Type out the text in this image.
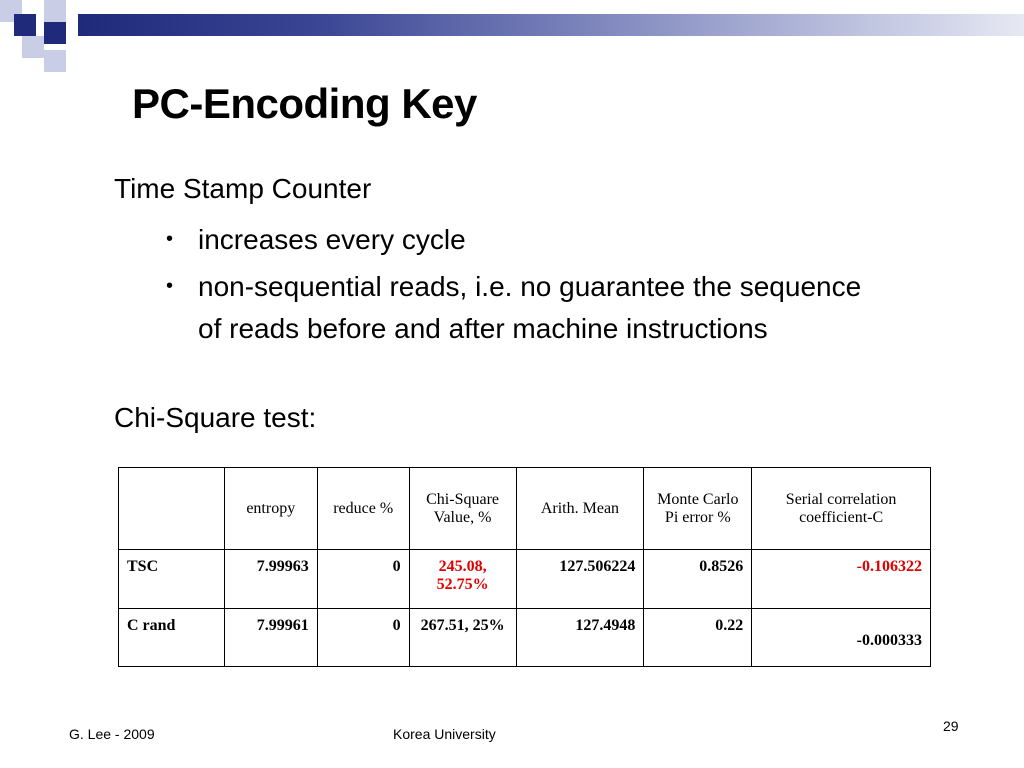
PC-Encoding Key
Time Stamp Counter
• increases every cycle
• non-sequential reads, i.e. no guarantee the sequence of reads before and after machine instructions
Chi-Square test:
	entropy	reduce %	Chi-Square Value, %	Arith. Mean	Monte Carlo Pi error %	Serial correlation coefficient-C
TSC	7.99963	0	245.08, 52.75%	127.506224	0.8526	-0.106322
C rand	7.99961	0	267.51, 25%	127.4948	0.22	-0.000333
G. Lee - 2009	Korea University	29
